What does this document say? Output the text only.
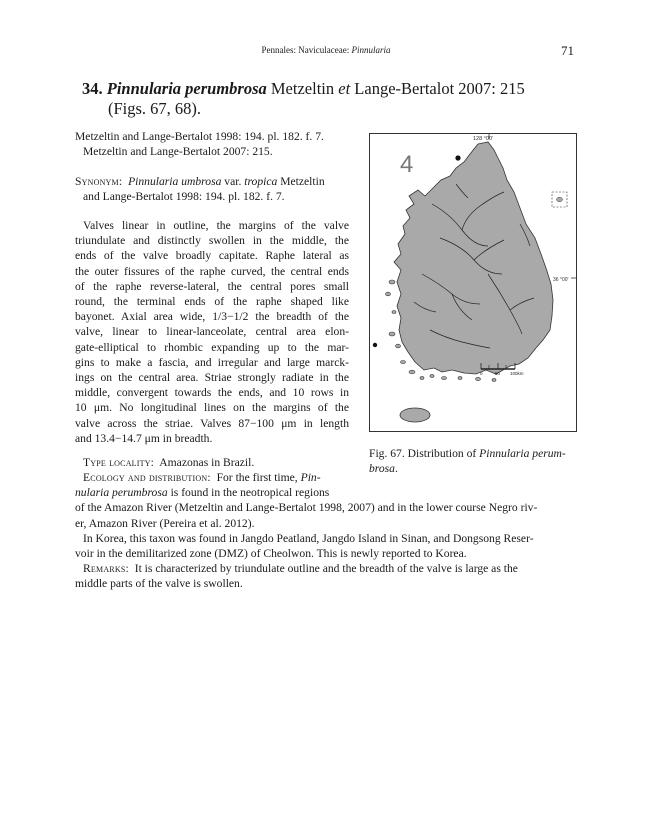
Pennales: Naviculaceae: Pinnularia	71
34. Pinnularia perumbrosa Metzeltin et Lange-Bertalot 2007: 215
(Figs. 67, 68).
Metzeltin and Lange-Bertalot 1998: 194. pl. 182. f. 7.
Metzeltin and Lange-Bertalot 2007: 215.
Synonym: Pinnularia umbrosa var. tropica Metzeltin
and Lange-Bertalot 1998: 194. pl. 182. f. 7.
Valves linear in outline, the margins of the valve
triundulate and distinctly swollen in the middle, the
ends of the valve broadly capitate. Raphe lateral as
the outer fissures of the raphe curved, the central ends
of the raphe reverse-lateral, the central pores small
round, the terminal ends of the raphe shaped like
bayonet. Axial area wide, 1/3−1/2 the breadth of the
valve, linear to linear-lanceolate, central area elon-
gate-elliptical to rhombic expanding up to the mar-
gins to make a fascia, and irregular and large marck-
ings on the central area. Striae strongly radiate in the
middle, convergent towards the ends, and 10 rows in
10 μm. No longitudinal lines on the margins of the
valve across the striae. Valves 87−100 μm in length
and 13.4−14.7 μm in breadth.
Type locality: Amazonas in Brazil.
Ecology and distribution: For the first time, Pin-
nularia perumbrosa is found in the neotropical regions
of the Amazon River (Metzeltin and Lange-Bertalot 1998, 2007) and in the lower course Negro riv-
er, Amazon River (Pereira et al. 2012).
In Korea, this taxon was found in Jangdo Peatland, Jangdo Island in Sinan, and Dongsong Reser-
voir in the demilitarized zone (DMZ) of Cheolwon. This is newly reported to Korea.
Remarks: It is characterized by triundulate outline and the breadth of the valve is large as the
middle parts of the valve is swollen.
128 °00'
4
36 °00'
0	50 100km
Fig. 67. Distribution of Pinnularia perum-
brosa.
